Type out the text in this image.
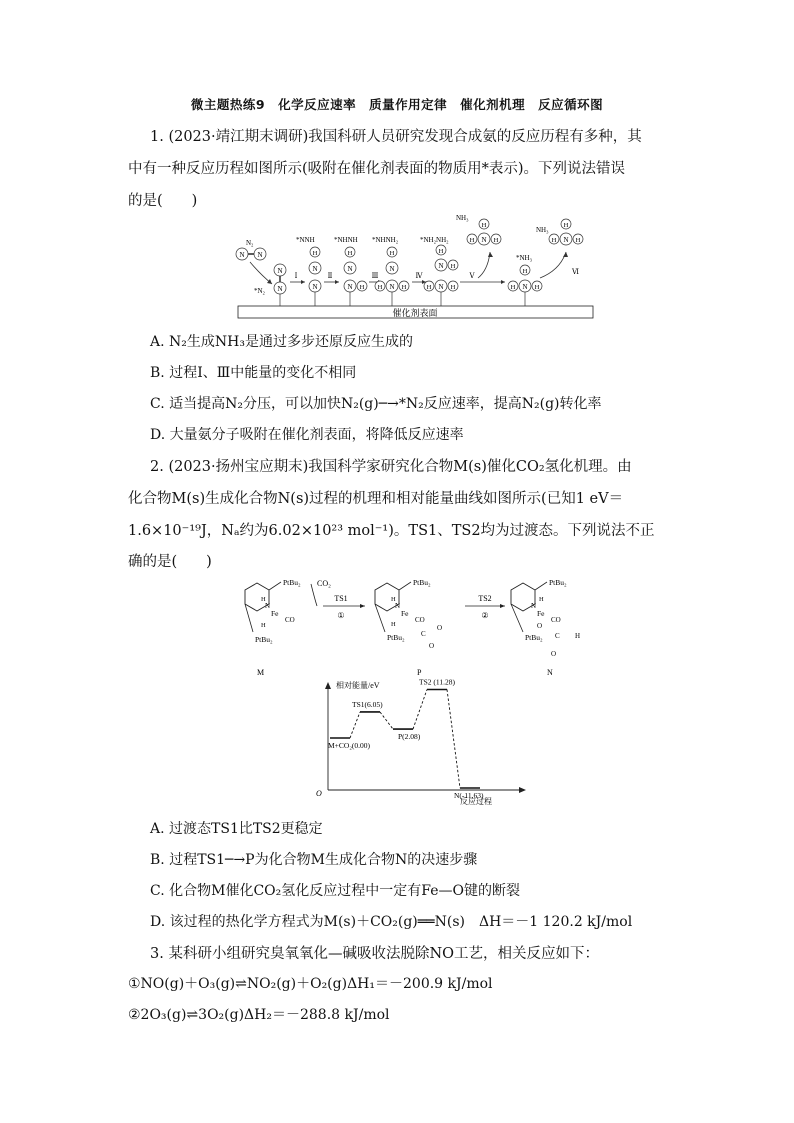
微主题热练9　化学反应速率　质量作用定律　催化剂机理　反应循环图
1. (2023·靖江期末调研)我国科研人员研究发现合成氨的反应历程有多种，其
中有一种反应历程如图所示(吸附在催化剂表面的物质用*表示)。下列说法错误
的是(　　)
催化剂表面
N₂
N N
*N₂
N
N
Ⅰ
*NNH
H
N
N
Ⅱ
*NHNH
H
N
N H
Ⅲ
*NHNH₂
H
N
N H
H
Ⅳ
*NH₂NH₂
H
N H
N
H	H
NH₃
H
N
H	H
Ⅴ
*NH₃
H
N
H	H
NH₃
H
N
H	H
Ⅵ
A. N₂生成NH₃是通过多步还原反应生成的
B. 过程Ⅰ、Ⅲ中能量的变化不相同
C. 适当提高N₂分压，可以加快N₂(g)─→*N₂反应速率，提高N₂(g)转化率
D. 大量氨分子吸附在催化剂表面，将降低反应速率
2. (2023·扬州宝应期末)我国科学家研究化合物M(s)催化CO₂氢化机理。由
化合物M(s)生成化合物N(s)过程的机理和相对能量曲线如图所示(已知1 eV＝
1.6×10⁻¹⁹J，Nₐ约为6.02×10²³ mol⁻¹)。TS1、TS2均为过渡态。下列说法不正
确的是(　　)
PtBu₂
N
Fe
H
H
CO
PtBu₂
M
CO₂
TS1
①
PtBu₂
N
Fe
H
H
CO
PtBu₂ C
O
O
P
TS2
②
PtBu₂
N
Fe
H
CO
O
PtBu₂ C H
O
N
相对能量/eV
反应过程
O
M+CO₂(0.00)
TS1(6.05)
P(2.08)
TS2 (11.28)
N(-11.63)
A. 过渡态TS1比TS2更稳定
B. 过程TS1─→P为化合物M生成化合物N的决速步骤
C. 化合物M催化CO₂氢化反应过程中一定有Fe—O键的断裂
D. 该过程的热化学方程式为M(s)＋CO₂(g)══N(s)　ΔH＝－1 120.2 kJ/mol
3. 某科研小组研究臭氧氧化—碱吸收法脱除NO工艺，相关反应如下：
①NO(g)＋O₃(g)⇌NO₂(g)＋O₂(g)ΔH₁＝－200.9 kJ/mol
②2O₃(g)⇌3O₂(g)ΔH₂＝－288.8 kJ/mol
